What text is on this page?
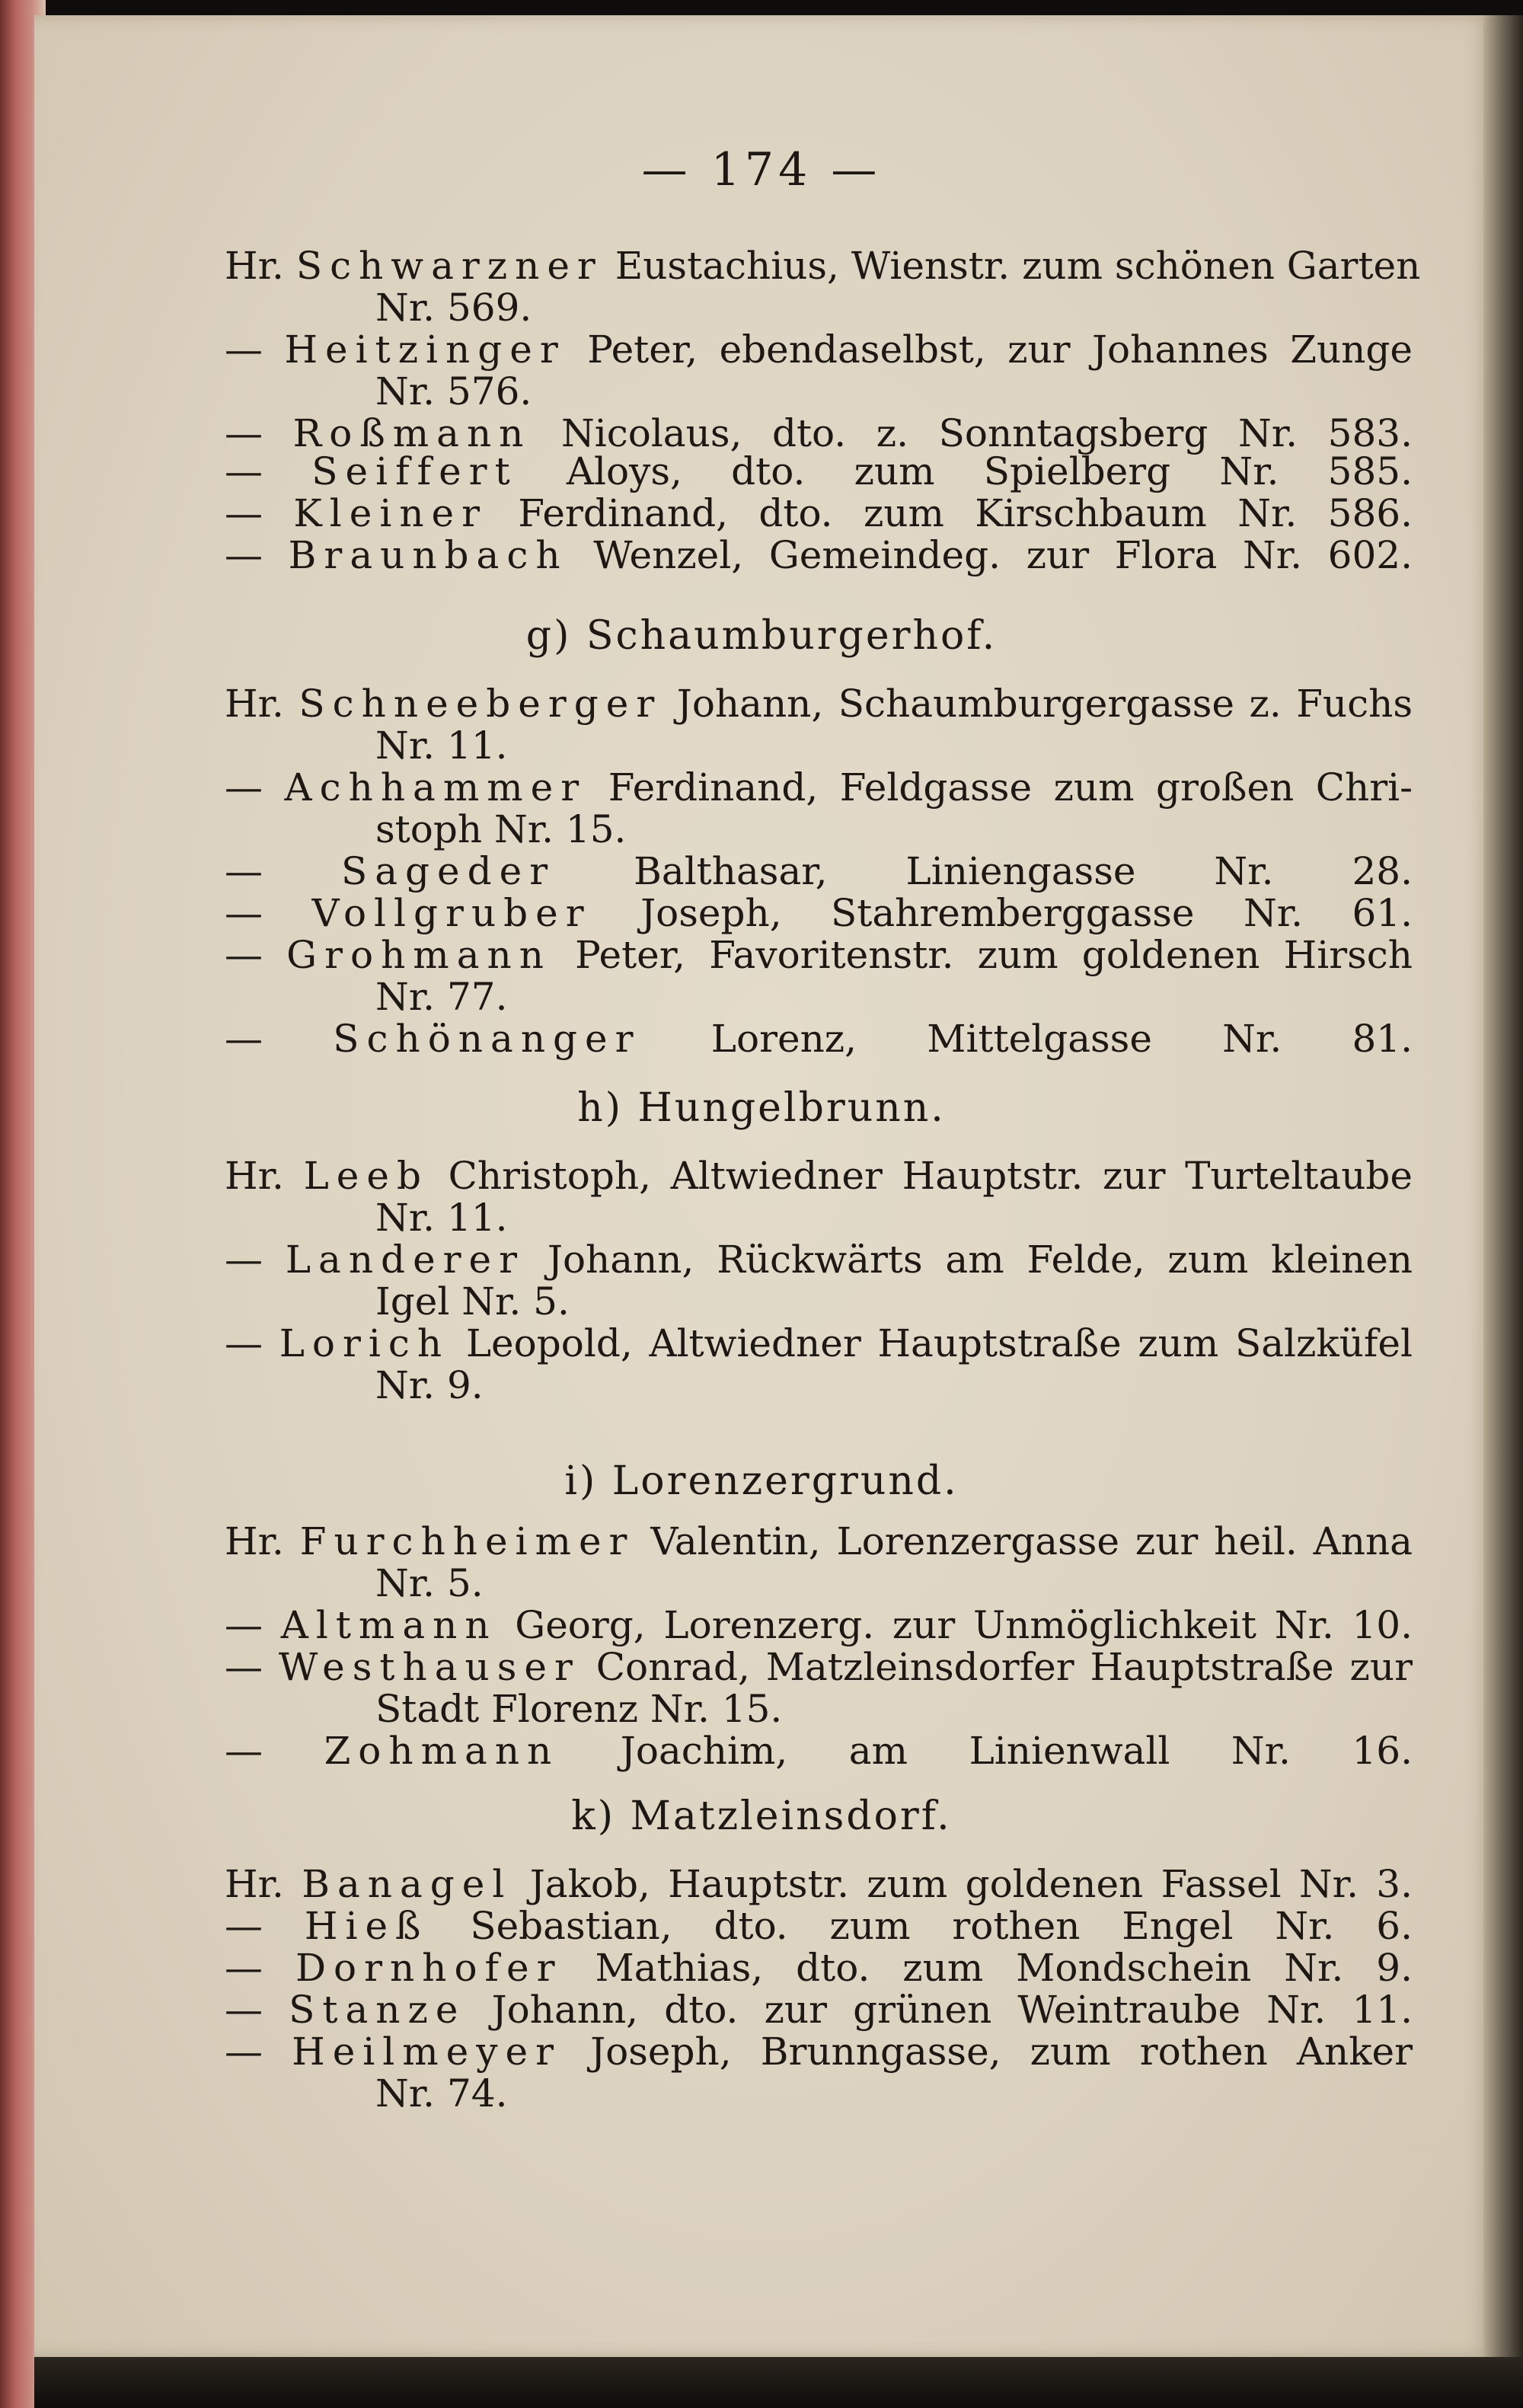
— 174 —
Hr. Schwarzner Eustachius, Wienstr. zum schönen Garten
Nr. 569.
— Heitzinger Peter, ebendaselbst, zur Johannes Zunge
Nr. 576.
— Roßmann Nicolaus, dto. z. Sonntagsberg Nr. 583.
— Seiffert Aloys, dto. zum Spielberg Nr. 585.
— Kleiner Ferdinand, dto. zum Kirschbaum Nr. 586.
— Braunbach Wenzel, Gemeindeg. zur Flora Nr. 602.
g) Schaumburgerhof.
Hr. Schneeberger Johann, Schaumburgergasse z. Fuchs
Nr. 11.
— Achhammer Ferdinand, Feldgasse zum großen Chri-
stoph Nr. 15.
— Sageder Balthasar, Liniengasse Nr. 28.
— Vollgruber Joseph, Stahremberggasse Nr. 61.
— Grohmann Peter, Favoritenstr. zum goldenen Hirsch
Nr. 77.
— Schönanger Lorenz, Mittelgasse Nr. 81.
h) Hungelbrunn.
Hr. Leeb Christoph, Altwiedner Hauptstr. zur Turteltaube
Nr. 11.
— Landerer Johann, Rückwärts am Felde, zum kleinen
Igel Nr. 5.
— Lorich Leopold, Altwiedner Hauptstraße zum Salzküfel
Nr. 9.
i) Lorenzergrund.
Hr. Furchheimer Valentin, Lorenzergasse zur heil. Anna
Nr. 5.
— Altmann Georg, Lorenzerg. zur Unmöglichkeit Nr. 10.
— Westhauser Conrad, Matzleinsdorfer Hauptstraße zur
Stadt Florenz Nr. 15.
— Zohmann Joachim, am Linienwall Nr. 16.
k) Matzleinsdorf.
Hr. Banagel Jakob, Hauptstr. zum goldenen Fassel Nr. 3.
— Hieß Sebastian, dto. zum rothen Engel Nr. 6.
— Dornhofer Mathias, dto. zum Mondschein Nr. 9.
— Stanze Johann, dto. zur grünen Weintraube Nr. 11.
— Heilmeyer Joseph, Brunngasse, zum rothen Anker
Nr. 74.
